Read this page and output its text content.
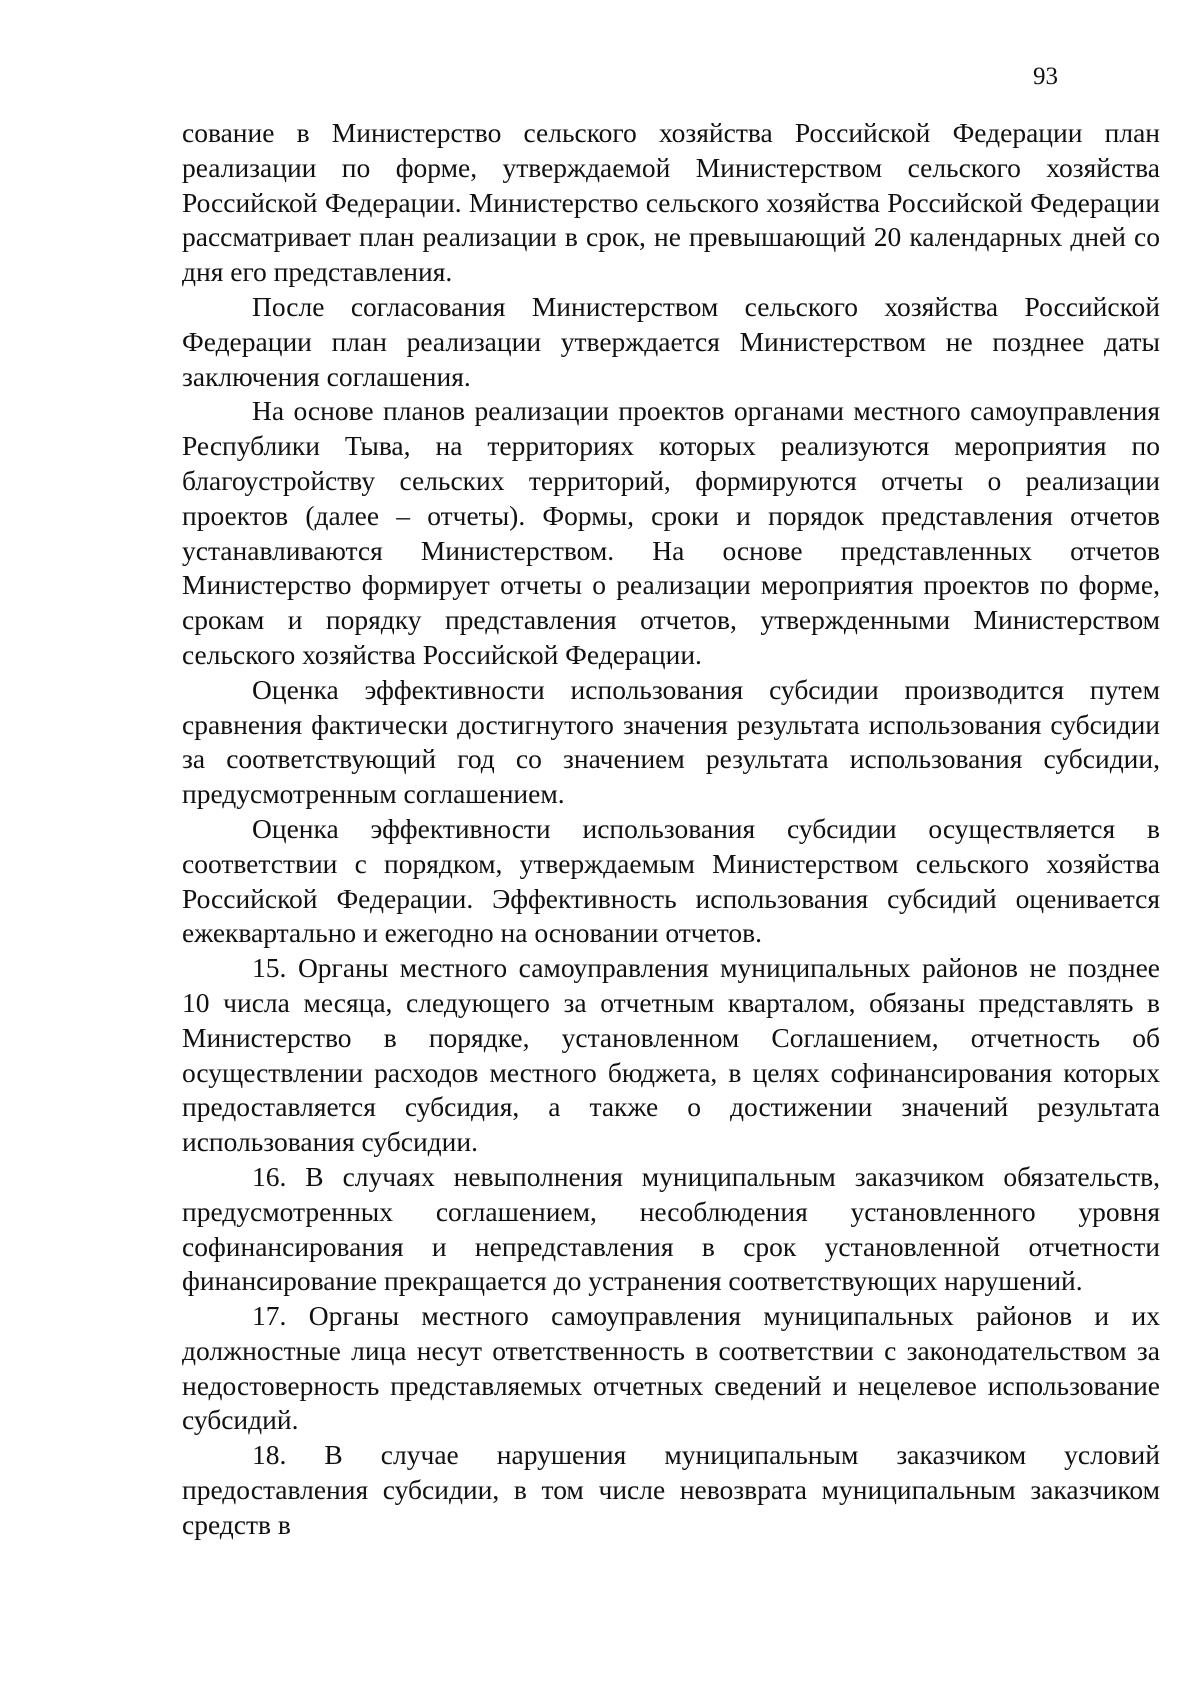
93

сование в Министерство сельского хозяйства Российской Федерации план реализации по форме, утверждаемой Министерством сельского хозяйства Российской Федерации. Министерство сельского хозяйства Российской Федерации рассматривает план реализации в срок, не превышающий 20 календарных дней со дня его представления.

После согласования Министерством сельского хозяйства Российской Федерации план реализации утверждается Министерством не позднее даты заключения соглашения.

На основе планов реализации проектов органами местного самоуправления Республики Тыва, на территориях которых реализуются мероприятия по благоустройству сельских территорий, формируются отчеты о реализации проектов (далее – отчеты). Формы, сроки и порядок представления отчетов устанавливаются Министерством. На основе представленных отчетов Министерство формирует отчеты о реализации мероприятия проектов по форме, срокам и порядку представления отчетов, утвержденными Министерством сельского хозяйства Российской Федерации.

Оценка эффективности использования субсидии производится путем сравнения фактически достигнутого значения результата использования субсидии за соответствующий год со значением результата использования субсидии, предусмотренным соглашением.

Оценка эффективности использования субсидии осуществляется в соответствии с порядком, утверждаемым Министерством сельского хозяйства Российской Федерации. Эффективность использования субсидий оценивается ежеквартально и ежегодно на основании отчетов.

15. Органы местного самоуправления муниципальных районов не позднее 10 числа месяца, следующего за отчетным кварталом, обязаны представлять в Министерство в порядке, установленном Соглашением, отчетность об осуществлении расходов местного бюджета, в целях софинансирования которых предоставляется субсидия, а также о достижении значений результата использования субсидии.

16. В случаях невыполнения муниципальным заказчиком обязательств, предусмотренных соглашением, несоблюдения установленного уровня софинансирования и непредставления в срок установленной отчетности финансирование прекращается до устранения соответствующих нарушений.

17. Органы местного самоуправления муниципальных районов и их должностные лица несут ответственность в соответствии с законодательством за недостоверность представляемых отчетных сведений и нецелевое использование субсидий.

18. В случае нарушения муниципальным заказчиком условий предоставления субсидии, в том числе невозврата муниципальным заказчиком средств в
